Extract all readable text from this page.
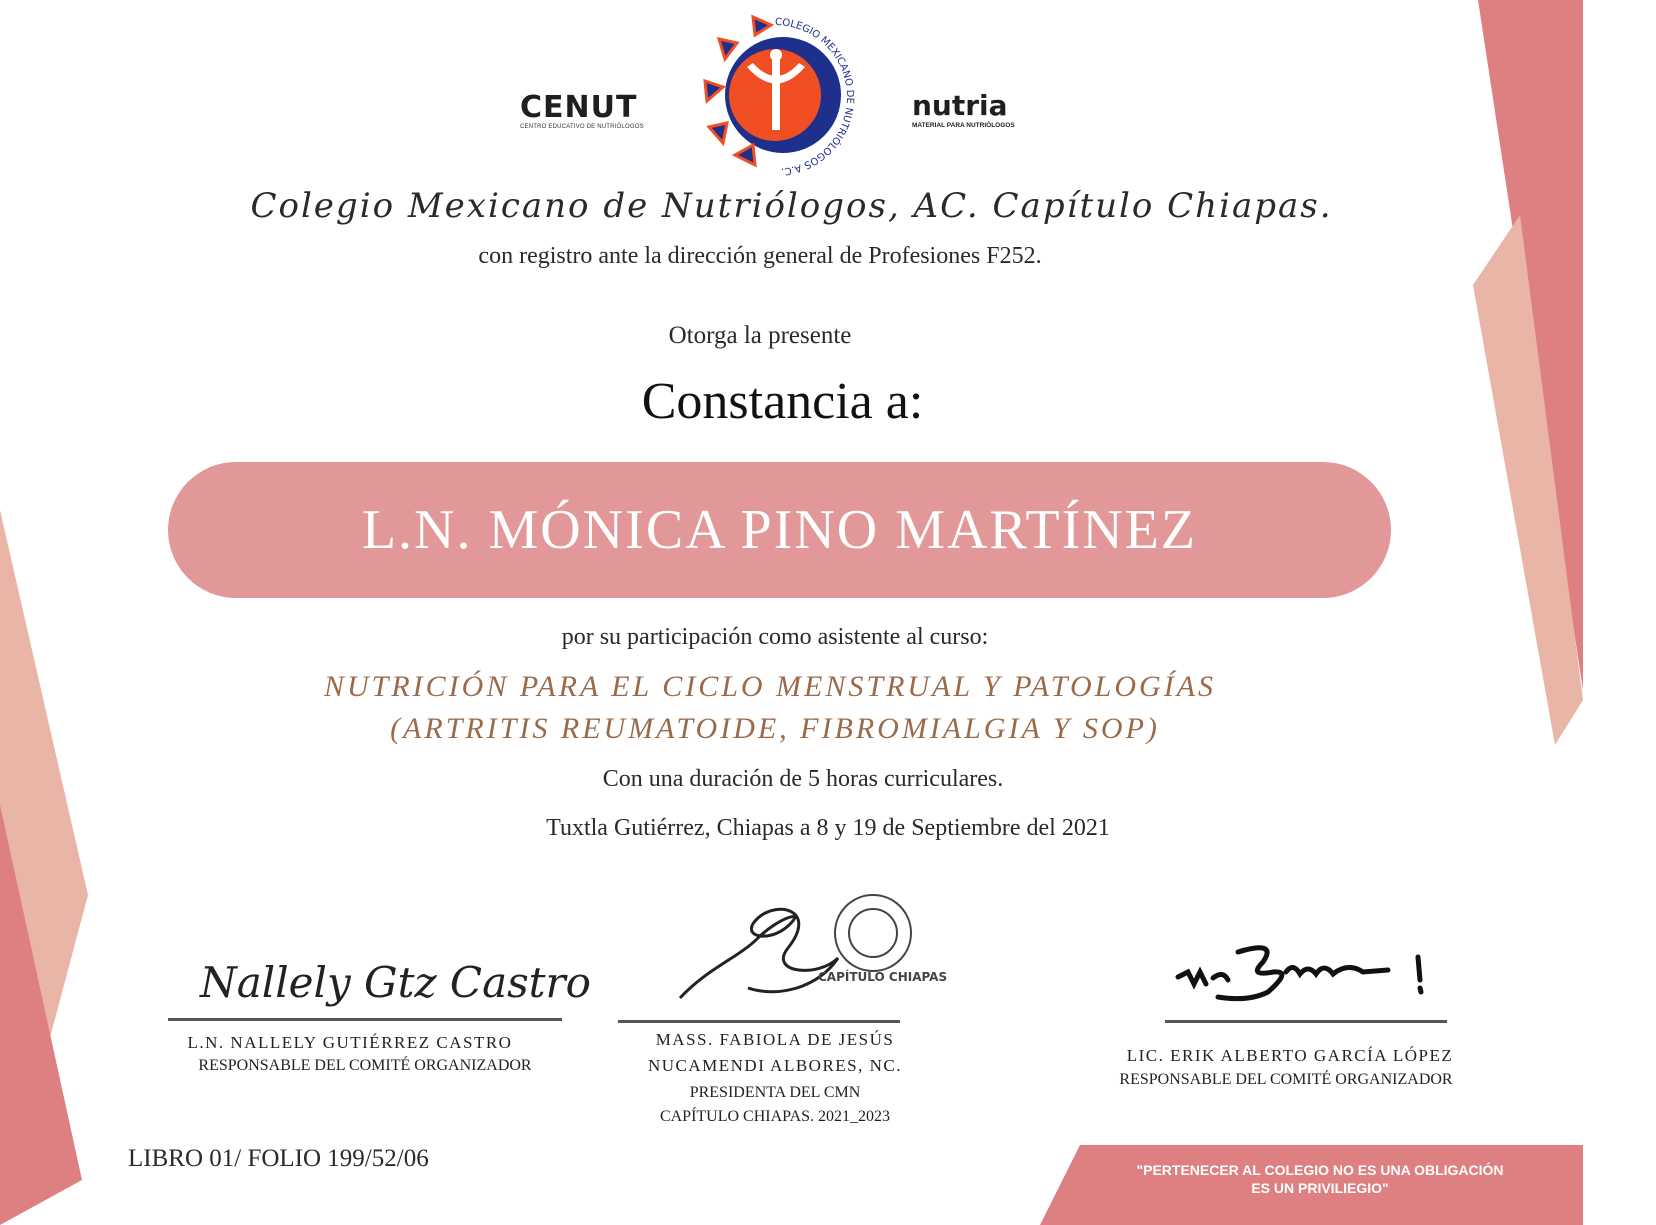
CENUT
CENTRO EDUCATIVO DE NUTRIÓLOGOS
COLEGIO MEXICANO DE NUTRIÓLOGOS A.C.
nutria
MATERIAL PARA NUTRIÓLOGOS
Colegio Mexicano de Nutriólogos, AC. Capítulo Chiapas.
con registro ante la dirección general de Profesiones F252.
Otorga la presente
Constancia a:
L.N. MÓNICA PINO MARTÍNEZ
por su participación como asistente al curso:
NUTRICIÓN PARA EL CICLO MENSTRUAL Y PATOLOGÍAS
(ARTRITIS REUMATOIDE, FIBROMIALGIA Y SOP)
Con una duración de 5 horas curriculares.
Tuxtla Gutiérrez, Chiapas a 8 y 19 de Septiembre del 2021
Nallely Gtz Castro
L.N. NALLELY GUTIÉRREZ CASTRO
RESPONSABLE DEL COMITÉ ORGANIZADOR
CAPÍTULO CHIAPAS
MASS. FABIOLA DE JESÚS
NUCAMENDI ALBORES, NC.
PRESIDENTA DEL CMN
CAPÍTULO CHIAPAS. 2021_2023
LIC. ERIK ALBERTO GARCÍA LÓPEZ
RESPONSABLE DEL COMITÉ ORGANIZADOR
LIBRO 01/ FOLIO 199/52/06	"PERTENECER AL COLEGIO NO ES UNA OBLIGACIÓN
ES UN PRIVILIEGIO"
